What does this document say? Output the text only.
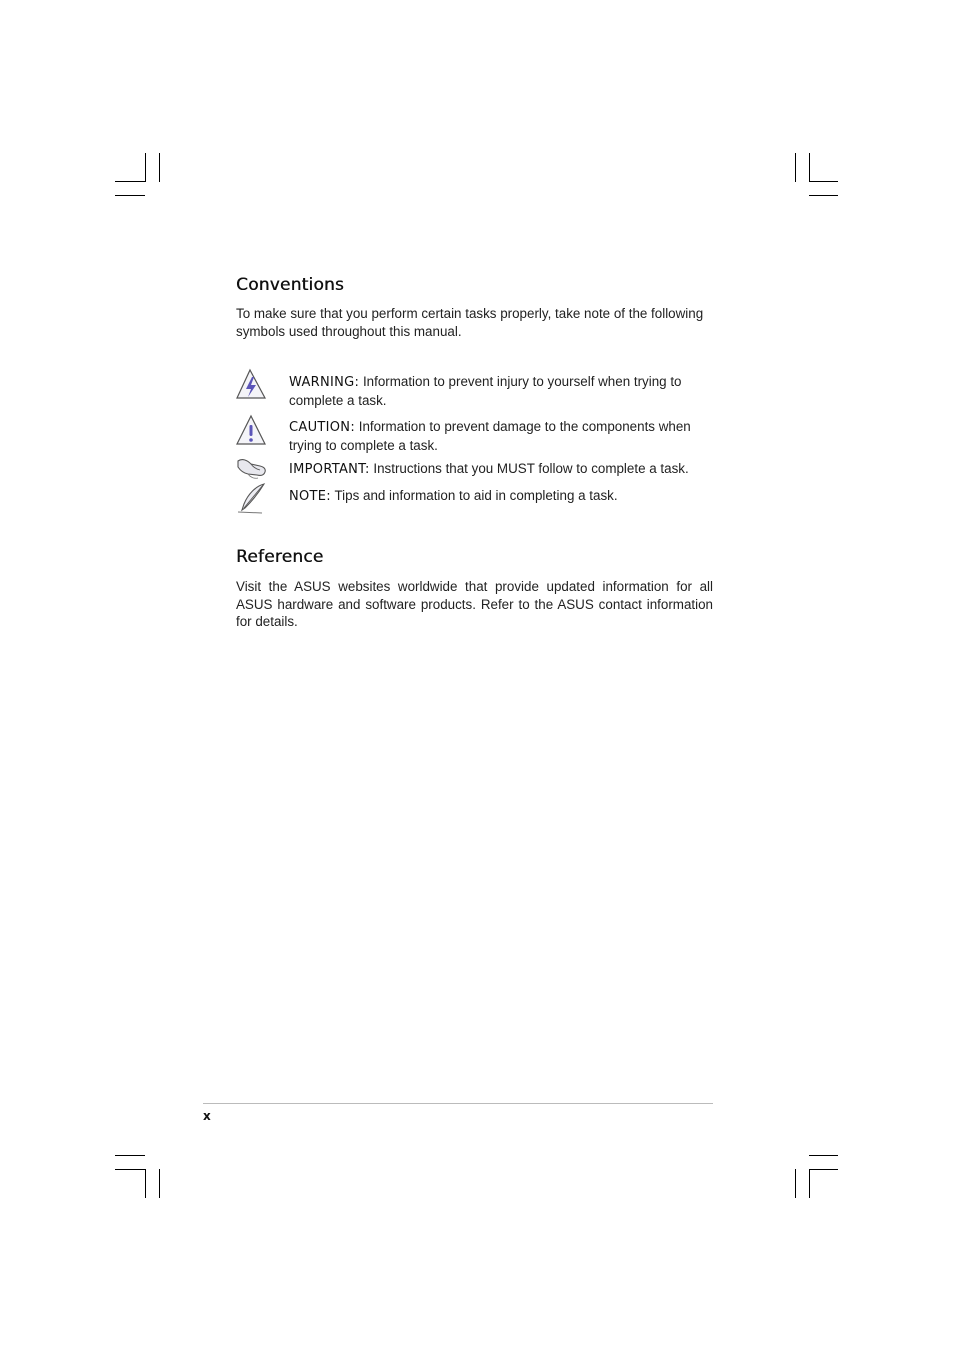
Conventions

To make sure that you perform certain tasks properly, take note of the following symbols used throughout this manual.

WARNING: Information to prevent injury to yourself when trying to complete a task.
CAUTION: Information to prevent damage to the components when trying to complete a task.
IMPORTANT: Instructions that you MUST follow to complete a task.
NOTE: Tips and information to aid in completing a task.
Reference

Visit the ASUS websites worldwide that provide updated information for all ASUS hardware and software products. Refer to the ASUS contact information for details.

x
